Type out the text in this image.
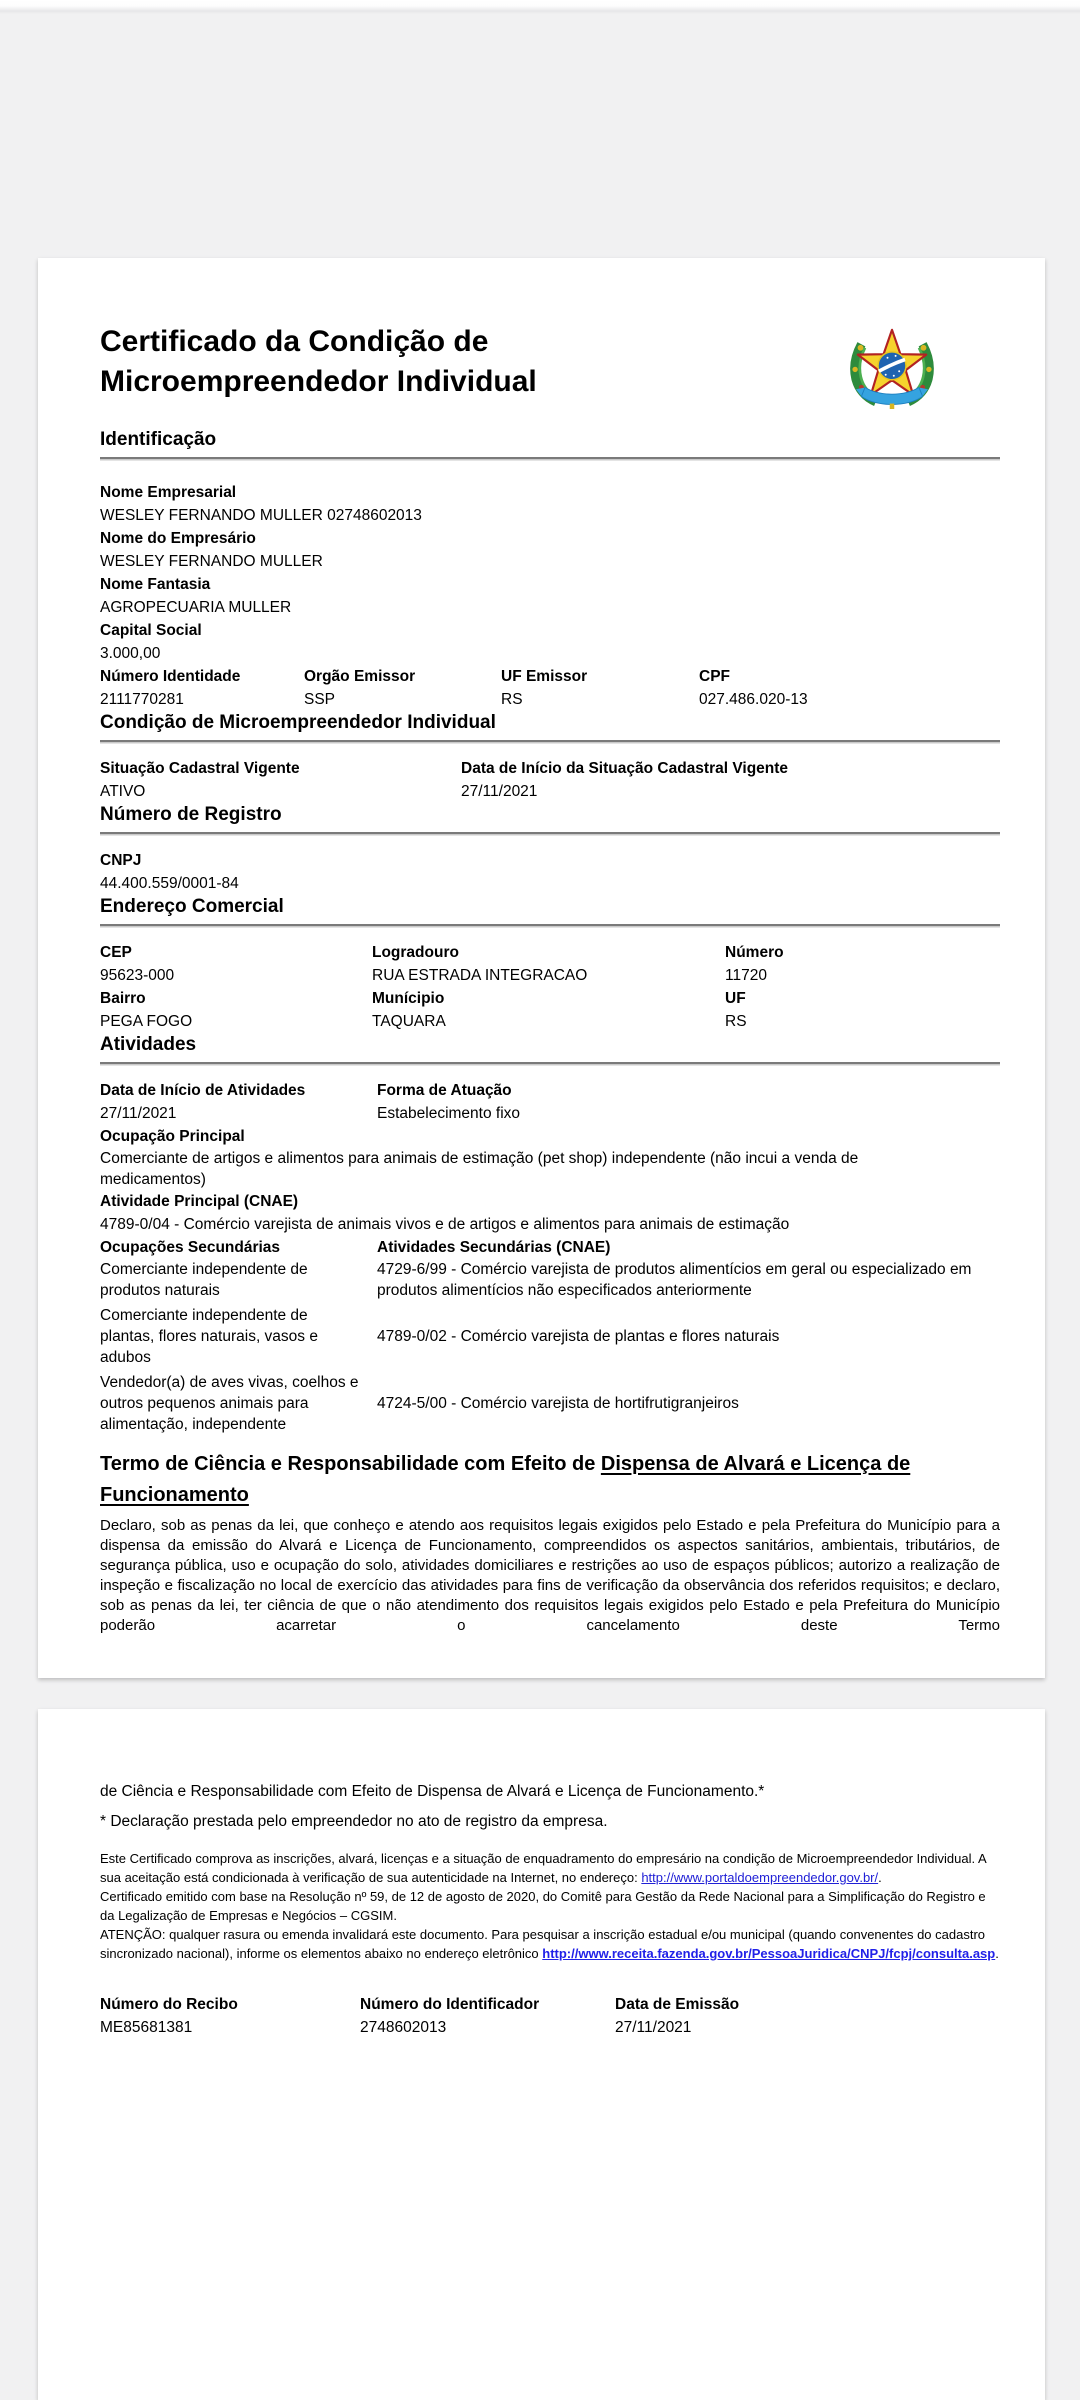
Certificado da Condição de
Microempreendedor Individual
Identificação
Nome Empresarial
WESLEY FERNANDO MULLER 02748602013
Nome do Empresário
WESLEY FERNANDO MULLER
Nome Fantasia
AGROPECUARIA MULLER
Capital Social
3.000,00
Número Identidade
2111770281
Orgão Emissor
SSP
UF Emissor
RS
CPF
027.486.020-13
Condição de Microempreendedor Individual
Situação Cadastral Vigente
ATIVO
Data de Início da Situação Cadastral Vigente
27/11/2021
Número de Registro
CNPJ
44.400.559/0001-84
Endereço Comercial
CEP
95623-000
Logradouro
RUA ESTRADA INTEGRACAO
Número
11720
Bairro
PEGA FOGO
Munícipio
TAQUARA
UF
RS
Atividades
Data de Início de Atividades
27/11/2021
Forma de Atuação
Estabelecimento fixo
Ocupação Principal
Comerciante de artigos e alimentos para animais de estimação (pet shop) independente (não incui a venda de medicamentos)
Atividade Principal (CNAE)
4789-0/04 - Comércio varejista de animais vivos e de artigos e alimentos para animais de estimação
Ocupações Secundárias	Atividades Secundárias (CNAE)
Comerciante independente de produtos naturais	4729-6/99 - Comércio varejista de produtos alimentícios em geral ou especializado em produtos alimentícios não especificados anteriormente
Comerciante independente de plantas, flores naturais, vasos e adubos	4789-0/02 - Comércio varejista de plantas e flores naturais
Vendedor(a) de aves vivas, coelhos e outros pequenos animais para alimentação, independente	4724-5/00 - Comércio varejista de hortifrutigranjeiros
Termo de Ciência e Responsabilidade com Efeito de Dispensa de Alvará e Licença de Funcionamento

Declaro, sob as penas da lei, que conheço e atendo aos requisitos legais exigidos pelo Estado e pela Prefeitura do Município para a dispensa da emissão do Alvará e Licença de Funcionamento, compreendidos os aspectos sanitários, ambientais, tributários, de segurança pública, uso e ocupação do solo, atividades domiciliares e restrições ao uso de espaços públicos; autorizo a realização de inspeção e fiscalização no local de exercício das atividades para fins de verificação da observância dos referidos requisitos; e declaro, sob as penas da lei, ter ciência de que o não atendimento dos requisitos legais exigidos pelo Estado e pela Prefeitura do Município poderão acarretar o cancelamento deste Termo

de Ciência e Responsabilidade com Efeito de Dispensa de Alvará e Licença de Funcionamento.*

* Declaração prestada pelo empreendedor no ato de registro da empresa.

Este Certificado comprova as inscrições, alvará, licenças e a situação de enquadramento do empresário na condição de Microempreendedor Individual. A sua aceitação está condicionada à verificação de sua autenticidade na Internet, no endereço: http://www.portaldoempreendedor.gov.br/.

Certificado emitido com base na Resolução nº 59, de 12 de agosto de 2020, do Comitê para Gestão da Rede Nacional para a Simplificação do Registro e da Legalização de Empresas e Negócios – CGSIM.

ATENÇÃO: qualquer rasura ou emenda invalidará este documento. Para pesquisar a inscrição estadual e/ou municipal (quando convenentes do cadastro sincronizado nacional), informe os elementos abaixo no endereço eletrônico http://www.receita.fazenda.gov.br/PessoaJuridica/CNPJ/fcpj/consulta.asp.

Número do Recibo
ME85681381
Número do Identificador
2748602013
Data de Emissão
27/11/2021
